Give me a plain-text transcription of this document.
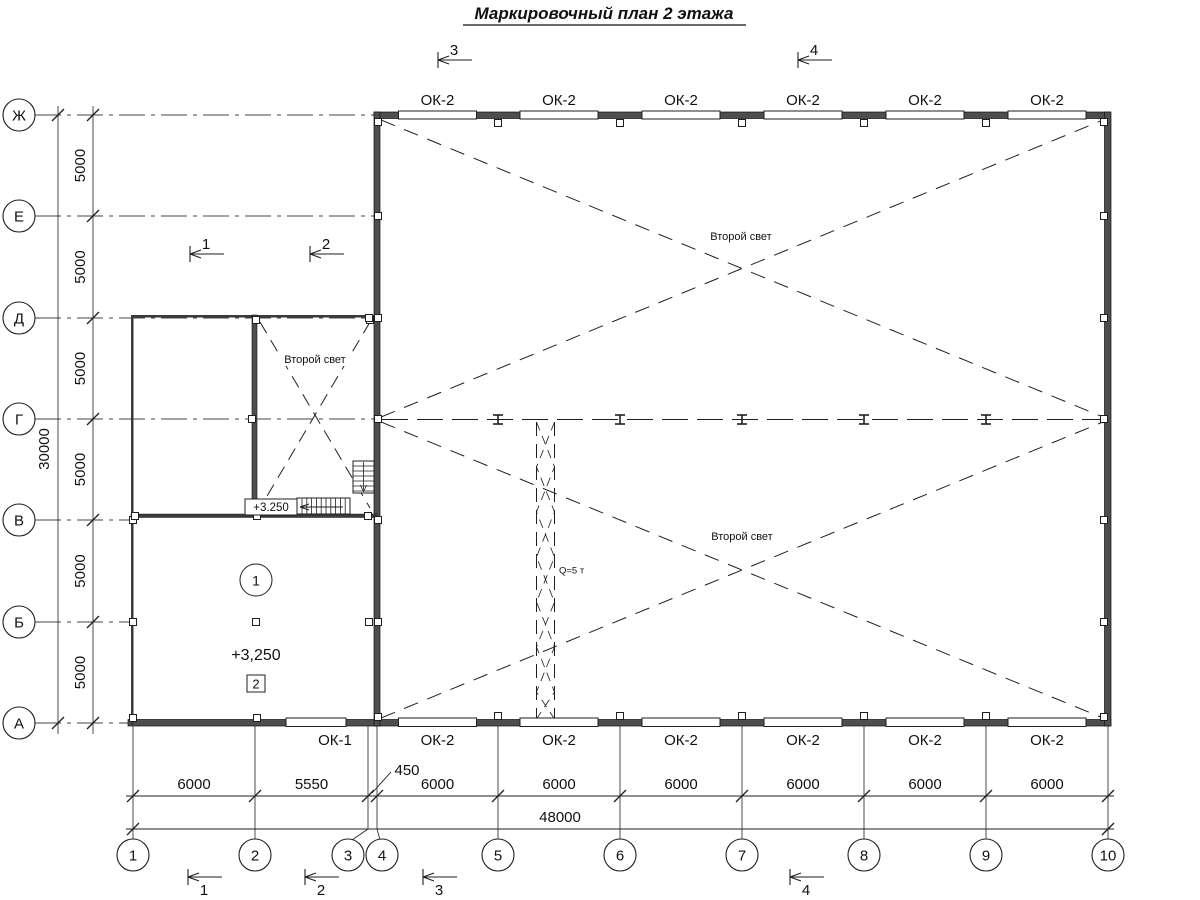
Маркировочный план 2 этажа
+3.250
1
+3,250
2
Второй свет
Второй свет
Второй свет
Q=5 т
ОК-2	ОК-2	ОК-2	ОК-2	ОК-2	ОК-2
ОК-1	ОК-2	ОК-2	ОК-2	ОК-2	ОК-2	ОК-2
5000
5000
5000
5000
5000
5000
30000
6000	5550	6000	6000	6000	6000	6000	6000
450
48000
Ж
Е
Д
Г
В
Б
А
1	2	3 4	5	6	7	8	9	10
3	4
1	2
1	2	3	4
